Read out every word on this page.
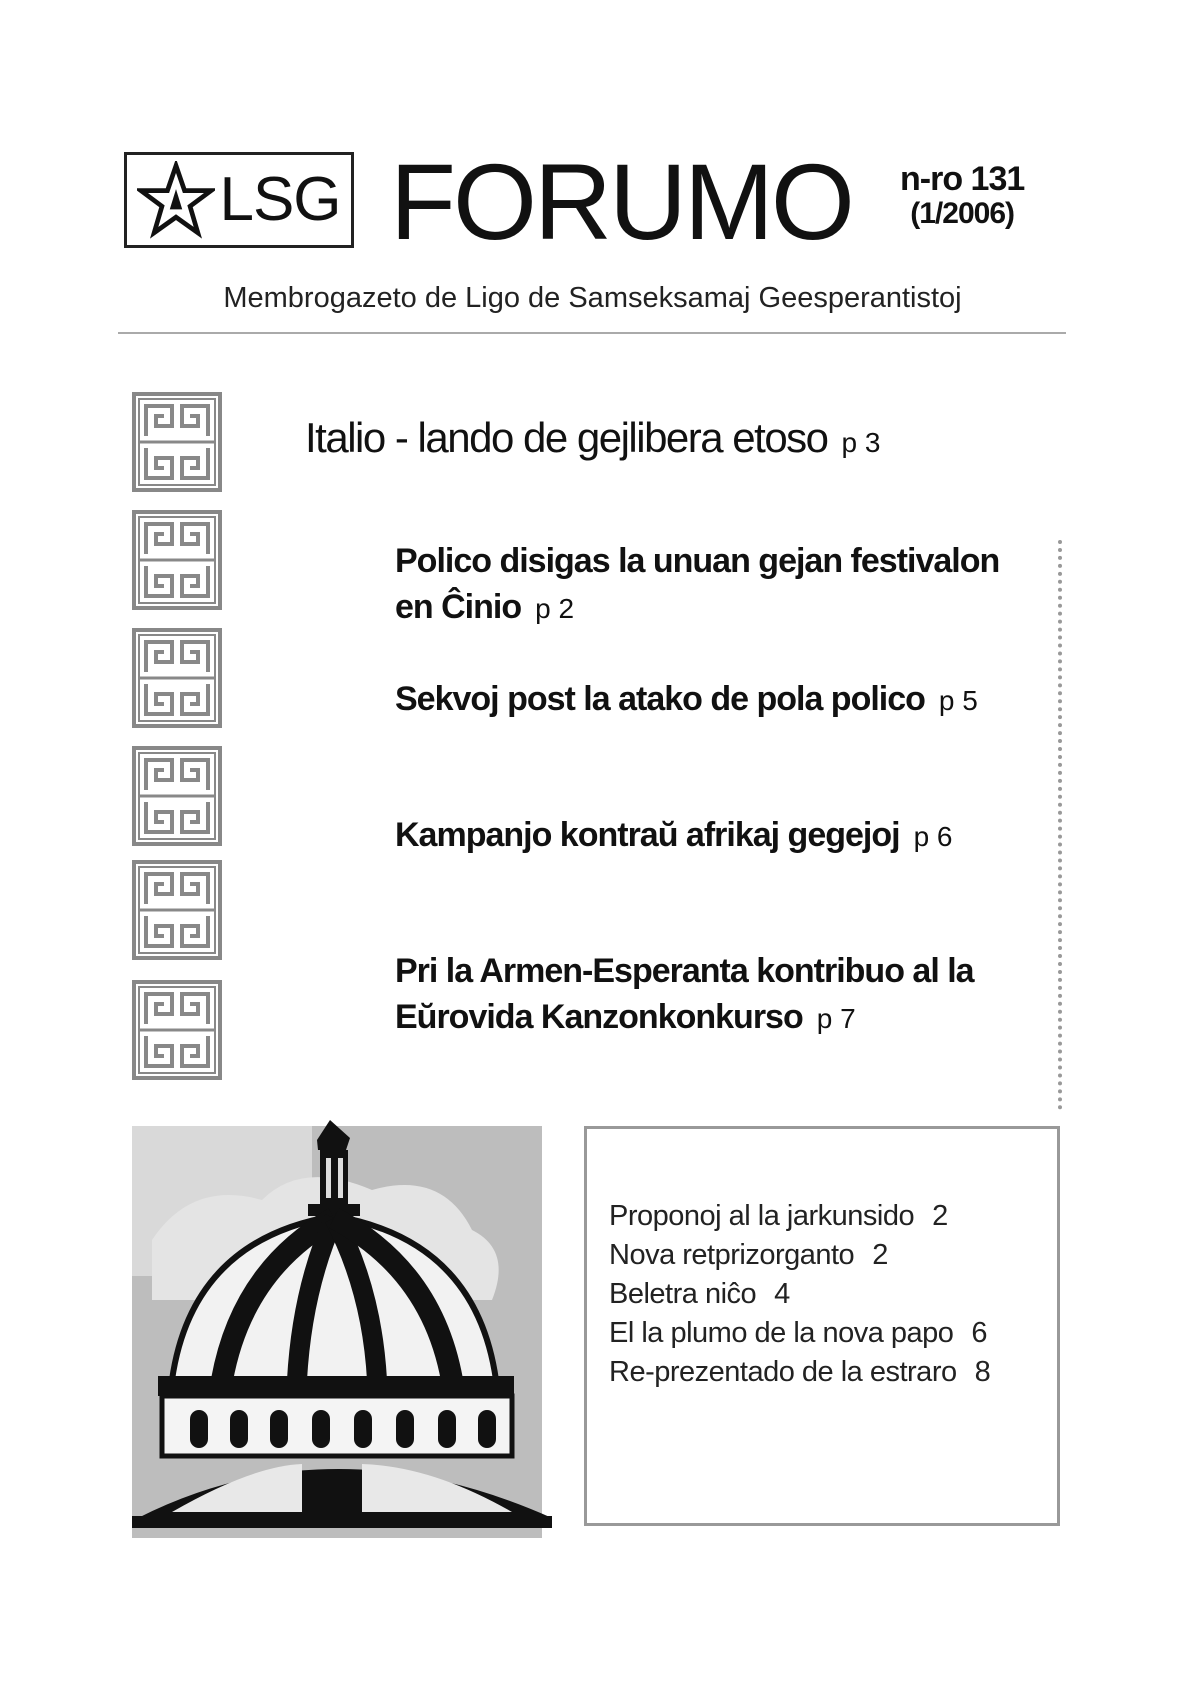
LSG FORUMO n-ro 131
(1/2006)
Membrogazeto de Ligo de Samseksamaj Geesperantistoj
Italio - lando de gejlibera etoso p 3
Polico disigas la unuan gejan festivalon en Ĉinio p 2
Sekvoj post la atako de pola polico p 5
Kampanjo kontraŭ afrikaj gegejoj p 6
Pri la Armen-Esperanta kontribuo al la Eŭrovida Kanzonkonkurso p 7
Proponoj al la jarkunsido 2
Nova retprizorganto 2
Beletra niĉo 4
El la plumo de la nova papo 6
Re-prezentado de la estraro 8
